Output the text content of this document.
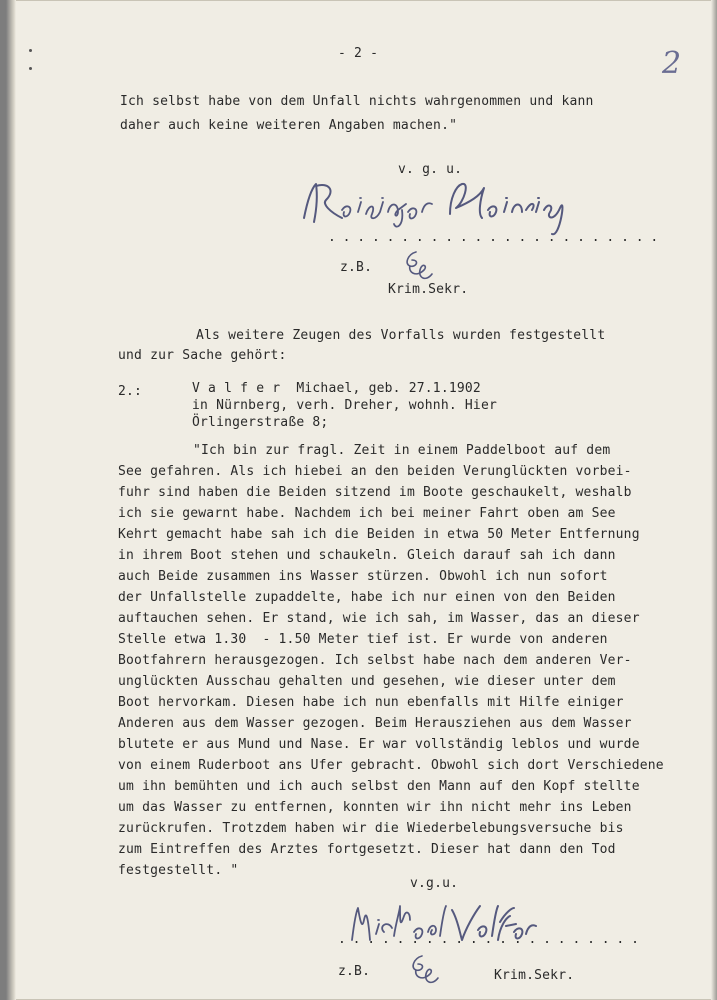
- 2 -	2

Ich selbst habe von dem Unfall nichts wahrgenommen und kann

daher auch keine weiteren Angaben machen."

v. g. u.

. . . . . . . . . . . . . . . . . . . . . . .

z.B.

Krim.Sekr.

Als weitere Zeugen des Vorfalls wurden festgestellt

und zur Sache gehört:

2.:	V a l f e r  Michael, geb. 27.1.1902

in Nürnberg, verh. Dreher, wohnh. Hier

Örlingerstraße 8;

"Ich bin zur fragl. Zeit in einem Paddelboot auf dem

See gefahren. Als ich hiebei an den beiden Verunglückten vorbei-

fuhr sind haben die Beiden sitzend im Boote geschaukelt, weshalb

ich sie gewarnt habe. Nachdem ich bei meiner Fahrt oben am See

Kehrt gemacht habe sah ich die Beiden in etwa 50 Meter Entfernung

in ihrem Boot stehen und schaukeln. Gleich darauf sah ich dann

auch Beide zusammen ins Wasser stürzen. Obwohl ich nun sofort

der Unfallstelle zupaddelte, habe ich nur einen von den Beiden

auftauchen sehen. Er stand, wie ich sah, im Wasser, das an dieser

Stelle etwa 1.30  - 1.50 Meter tief ist. Er wurde von anderen

Bootfahrern herausgezogen. Ich selbst habe nach dem anderen Ver-

unglückten Ausschau gehalten und gesehen, wie dieser unter dem

Boot hervorkam. Diesen habe ich nun ebenfalls mit Hilfe einiger

Anderen aus dem Wasser gezogen. Beim Herausziehen aus dem Wasser

blutete er aus Mund und Nase. Er war vollständig leblos und wurde

von einem Ruderboot ans Ufer gebracht. Obwohl sich dort Verschiedene

um ihn bemühten und ich auch selbst den Mann auf den Kopf stellte

um das Wasser zu entfernen, konnten wir ihn nicht mehr ins Leben

zurückrufen. Trotzdem haben wir die Wiederbelebungsversuche bis

zum Eintreffen des Arztes fortgesetzt. Dieser hat dann den Tod

festgestellt. "

v.g.u.

. . . . . . . . . . . . . . . . . . . . .

z.B.	Krim.Sekr.
